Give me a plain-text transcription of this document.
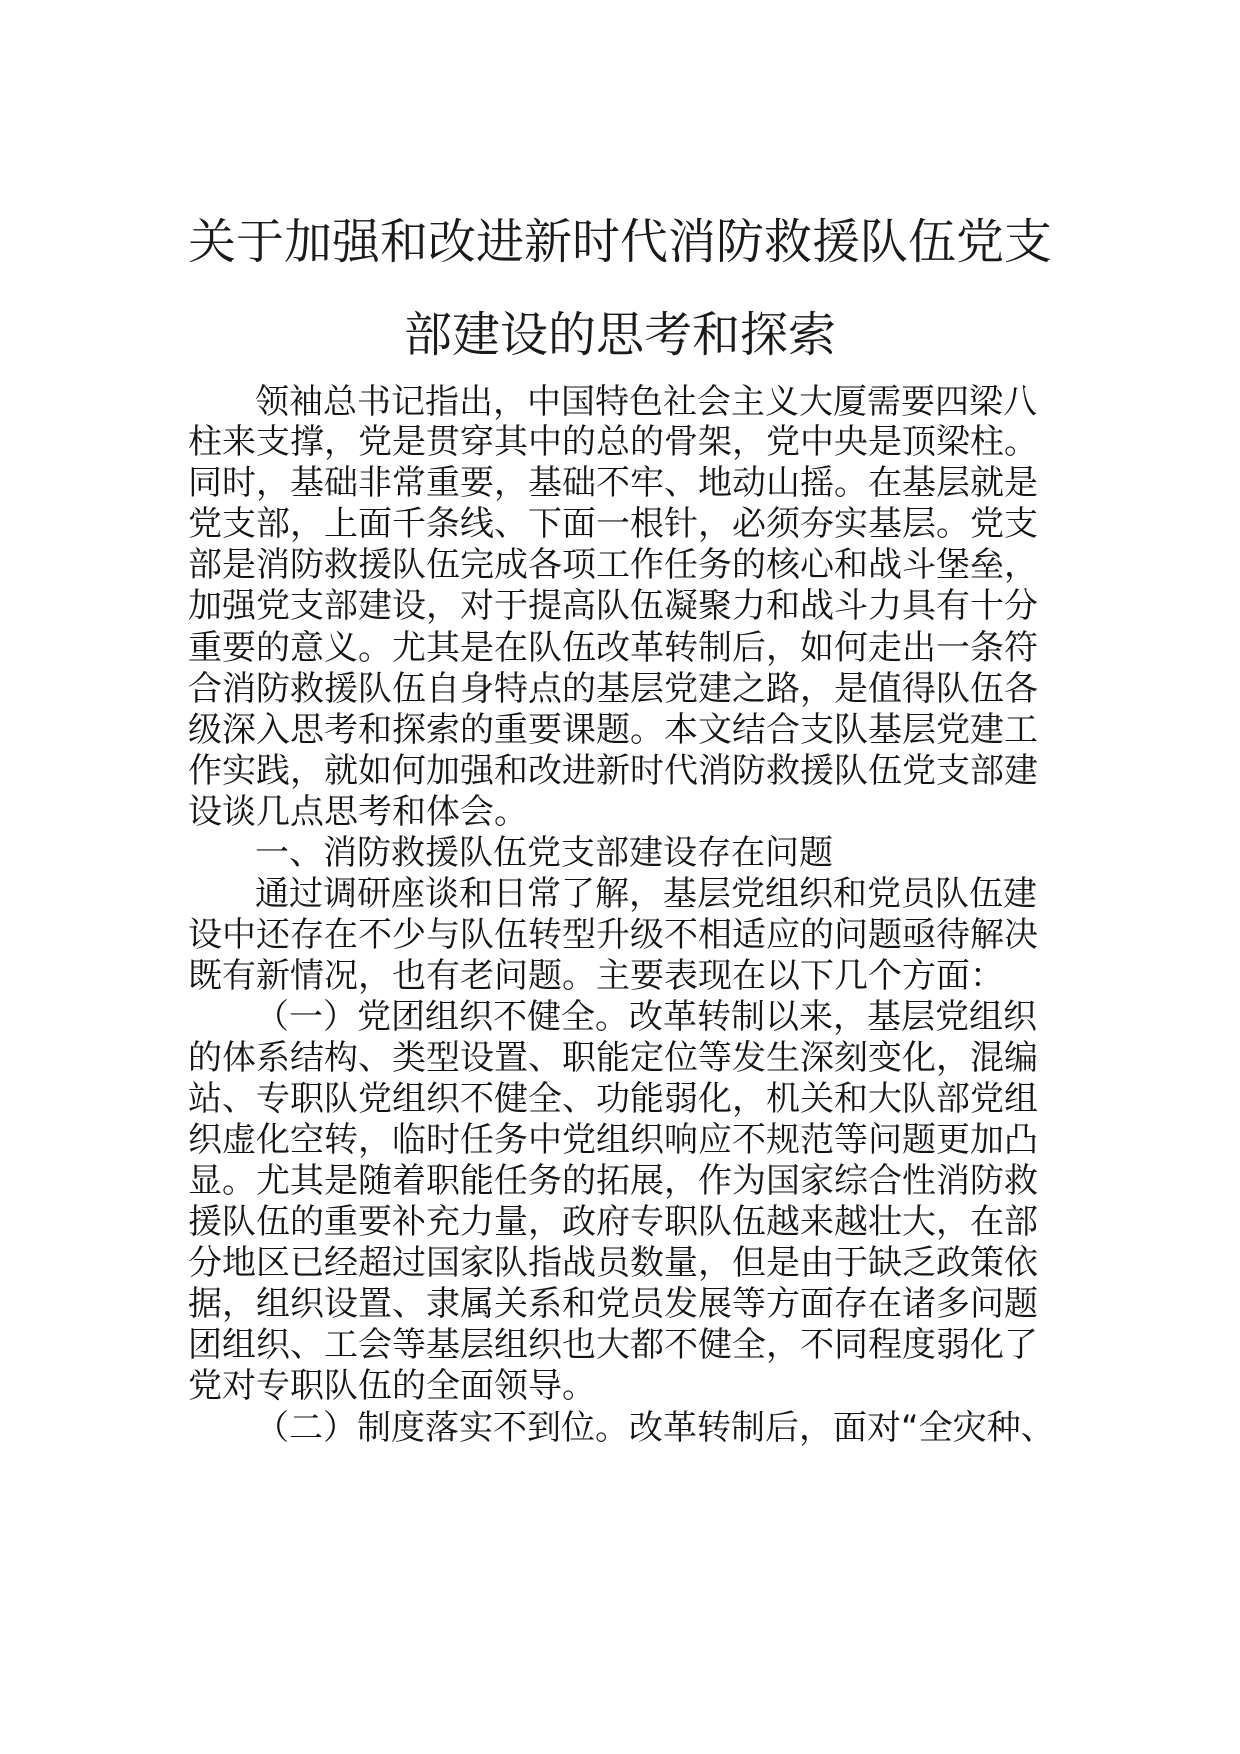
关于加强和改进新时代消防救援队伍党支
部建设的思考和探索
领袖总书记指出，中国特色社会主义大厦需要四梁八
柱来支撑，党是贯穿其中的总的骨架，党中央是顶梁柱。
同时，基础非常重要，基础不牢、地动山摇。在基层就是
党支部，上面千条线、下面一根针，必须夯实基层。党支
部是消防救援队伍完成各项工作任务的核心和战斗堡垒，
加强党支部建设，对于提高队伍凝聚力和战斗力具有十分
重要的意义。尤其是在队伍改革转制后，如何走出一条符
合消防救援队伍自身特点的基层党建之路，是值得队伍各
级深入思考和探索的重要课题。本文结合支队基层党建工
作实践，就如何加强和改进新时代消防救援队伍党支部建
设谈几点思考和体会。
一、消防救援队伍党支部建设存在问题
通过调研座谈和日常了解，基层党组织和党员队伍建
设中还存在不少与队伍转型升级不相适应的问题亟待解决
既有新情况，也有老问题。主要表现在以下几个方面：
（一）党团组织不健全。改革转制以来，基层党组织
的体系结构、类型设置、职能定位等发生深刻变化，混编
站、专职队党组织不健全、功能弱化，机关和大队部党组
织虚化空转，临时任务中党组织响应不规范等问题更加凸
显。尤其是随着职能任务的拓展，作为国家综合性消防救
援队伍的重要补充力量，政府专职队伍越来越壮大，在部
分地区已经超过国家队指战员数量，但是由于缺乏政策依
据，组织设置、隶属关系和党员发展等方面存在诸多问题
团组织、工会等基层组织也大都不健全，不同程度弱化了
党对专职队伍的全面领导。
（二）制度落实不到位。改革转制后，面对“全灾种、
